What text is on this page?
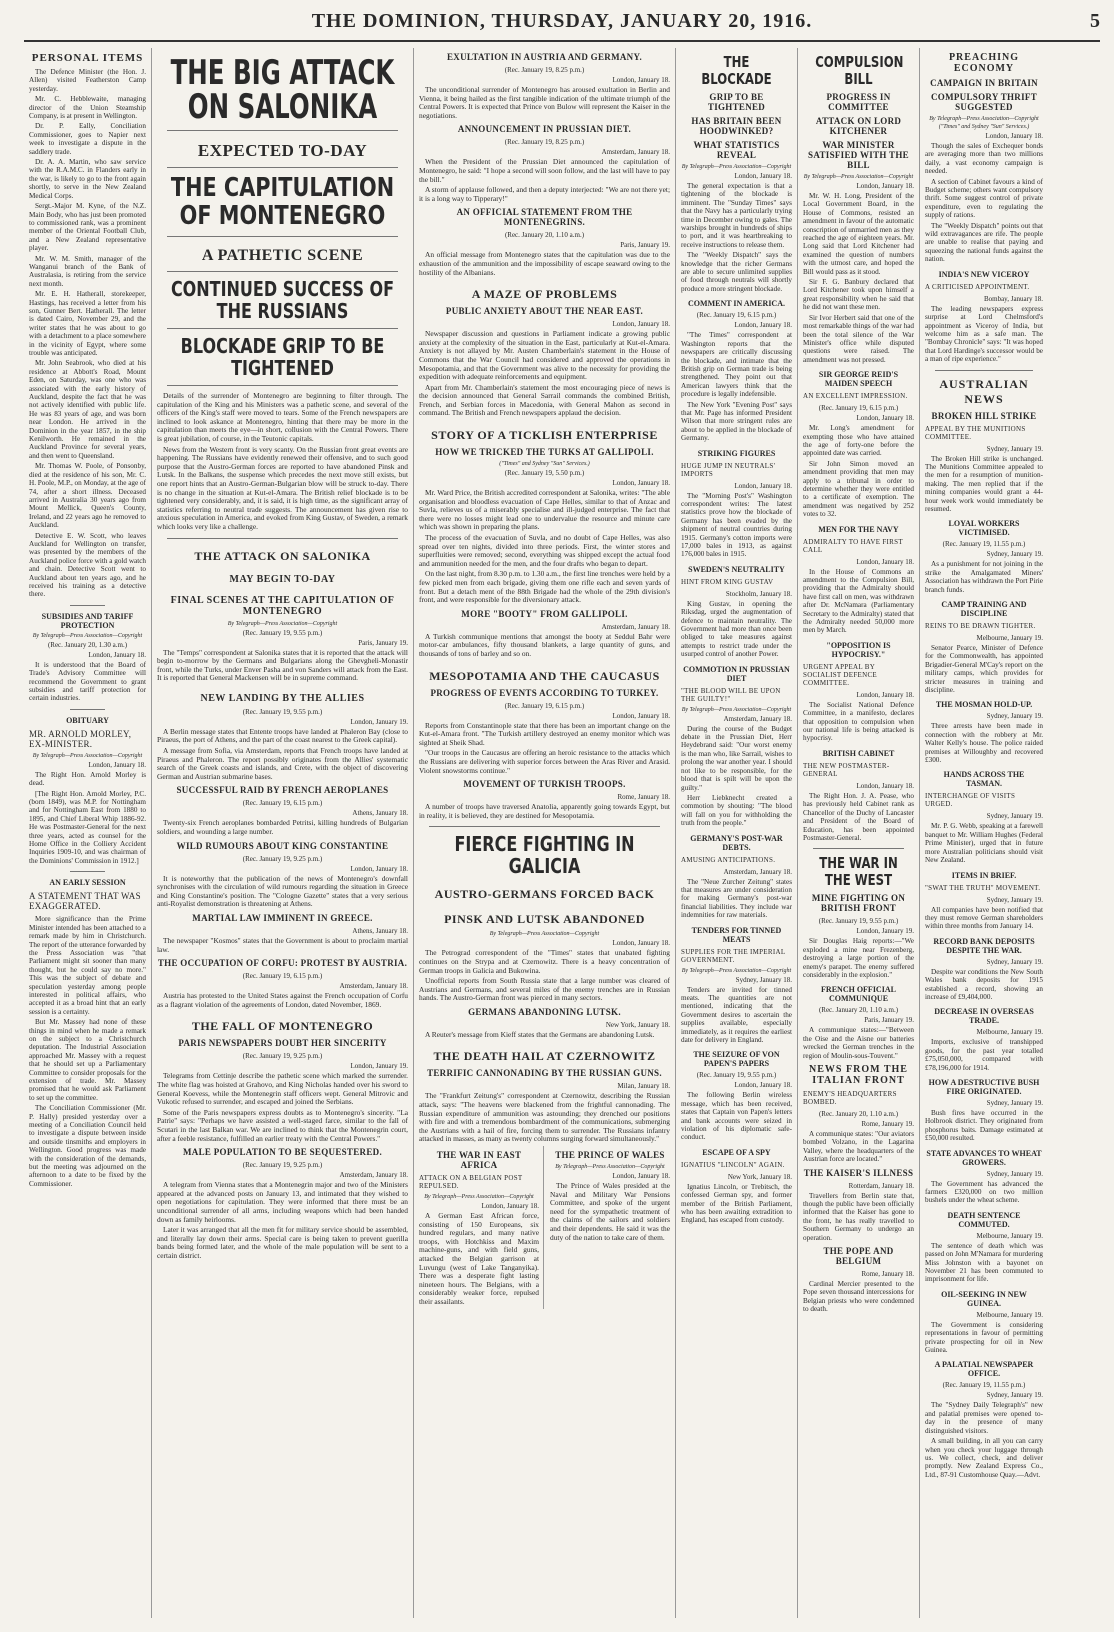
THE DOMINION, THURSDAY, JANUARY 20, 1916.	5
PERSONAL ITEMS

The Defence Minister (the Hon. J. Allen) visited Featherston Camp yesterday.

Mr. C. Hebblewaite, managing director of the Union Steamship Company, is at present in Wellington.

Dr. P. Eally, Conciliation Commissioner, goes to Napier next week to investigate a dispute in the saddlery trade.

Dr. A. A. Martin, who saw service with the R.A.M.C. in Flanders early in the war, is likely to go to the front again shortly, to serve in the New Zealand Medical Corps.

Sergt.-Major M. Kyne, of the N.Z. Main Body, who has just been promoted to commissioned rank, was a prominent member of the Oriental Football Club, and a New Zealand representative player.

Mr. W. M. Smith, manager of the Wanganui branch of the Bank of Australasia, is retiring from the service next month.

Mr. E. H. Hatherall, storekeeper, Hastings, has received a letter from his son, Gunner Bert. Hatherall. The letter is dated Cairo, November 29, and the writer states that he was about to go with a detachment to a place somewhere in the vicinity of Egypt, where some trouble was anticipated.

Mr. John Seabrook, who died at his residence at Abbott's Road, Mount Eden, on Saturday, was one who was associated with the early history of Auckland, despite the fact that he was not actively identified with public life. He was 83 years of age, and was born near London. He arrived in the Dominion in the year 1857, in the ship Kenilworth. He remained in the Auckland Province for several years, and then went to Queensland.

Mr. Thomas W. Poole, of Ponsonby, died at the residence of his son, Mr. C. H. Poole, M.P., on Monday, at the age of 74, after a short illness. Deceased arrived in Australia 30 years ago from Mount Mellick, Queen's County, Ireland, and 22 years ago he removed to Auckland.

Detective E. W. Scott, who leaves Auckland for Wellington on transfer, was presented by the members of the Auckland police force with a gold watch and chain. Detective Scott went to Auckland about ten years ago, and he received his training as a detective there.

SUBSIDIES AND TARIFF PROTECTION
By Telegraph—Press Association—Copyright
(Rec. January 20, 1.30 a.m.)
London, January 18.

It is understood that the Board of Trade's Advisory Committee will recommend the Government to grant subsidies and tariff protection for certain industries.

OBITUARY
MR. ARNOLD MORLEY, EX-MINISTER.
By Telegraph—Press Association—Copyright
London, January 18.

The Right Hon. Arnold Morley is dead.

[The Right Hon. Arnold Morley, P.C. (born 1849), was M.P. for Nottingham and for Nottingham East from 1880 to 1895, and Chief Liberal Whip 1886-92. He was Postmaster-General for the next three years, acted as counsel for the Home Office in the Colliery Accident Inquiries 1909-10, and was chairman of the Dominions' Commission in 1912.]

AN EARLY SESSION
A STATEMENT THAT WAS EXAGGERATED.

More significance than the Prime Minister intended has been attached to a remark made by him in Christchurch. The report of the utterance forwarded by the Press Association was "that Parliament might sit sooner than many thought, but he could say no more." This was the subject of debate and speculation yesterday among people interested in political affairs, who accepted it as a broad hint that an early session is a certainty.

But Mr. Massey had none of these things in mind when he made a remark on the subject to a Christchurch deputation. The Industrial Association approached Mr. Massey with a request that he should set up a Parliamentary Committee to consider proposals for the extension of trade. Mr. Massey promised that he would ask Parliament to set up the committee.

The Conciliation Commissioner (Mr. P. Hally) presided yesterday over a meeting of a Conciliation Council held to investigate a dispute between inside and outside tinsmiths and employers in Wellington. Good progress was made with the consideration of the demands, but the meeting was adjourned on the afternoon to a date to be fixed by the Commissioner.

THE BIG ATTACK ON SALONIKA
EXPECTED TO-DAY
THE CAPITULATION OF MONTENEGRO
A PATHETIC SCENE
CONTINUED SUCCESS OF THE RUSSIANS
BLOCKADE GRIP TO BE TIGHTENED

Details of the surrender of Montenegro are beginning to filter through. The capitulation of the King and his Ministers was a pathetic scene, and several of the officers of the King's staff were moved to tears. Some of the French newspapers are inclined to look askance at Montenegro, hinting that there may be more in the capitulation than meets the eye—in short, collusion with the Central Powers. There is great jubilation, of course, in the Teutonic capitals.

News from the Western front is very scanty. On the Russian front great events are happening. The Russians have evidently renewed their offensive, and to such good purpose that the Austro-German forces are reported to have abandoned Pinsk and Lutsk. In the Balkans, the suspense which precedes the next move still exists, but one report hints that an Austro-German-Bulgarian blow will be struck to-day. There is no change in the situation at Kut-el-Amara. The British relief blockade is to be tightened very considerably, and, it is said, it is high time, as the significant array of statistics referring to neutral trade suggests. The announcement has given rise to anxious speculation in America, and evoked from King Gustav, of Sweden, a remark which looks very like a challenge.

THE ATTACK ON SALONIKA
MAY BEGIN TO-DAY
FINAL SCENES AT THE CAPITULATION OF MONTENEGRO
By Telegraph—Press Association—Copyright
(Rec. January 19, 9.55 p.m.)
Paris, January 19.

The "Temps" correspondent at Salonika states that it is reported that the attack will begin to-morrow by the Germans and Bulgarians along the Ghevgheli-Monastir front, while the Turks, under Enver Pasha and von Sanders will attack from the East. It is reported that General Mackensen will be in supreme command.

NEW LANDING BY THE ALLIES
(Rec. January 19, 9.55 p.m.)
London, January 19.

A Berlin message states that Entente troops have landed at Phaleron Bay (close to Piraeus, the port of Athens, and the part of the coast nearest to the Greek capital).

A message from Sofia, via Amsterdam, reports that French troops have landed at Piraeus and Phaleron. The report possibly originates from the Allies' systematic search of the Greek coasts and islands, and Crete, with the object of discovering German and Austrian submarine bases.

SUCCESSFUL RAID BY FRENCH AEROPLANES
(Rec. January 19, 6.15 p.m.)
Athens, January 18.

Twenty-six French aeroplanes bombarded Petritsi, killing hundreds of Bulgarian soldiers, and wounding a large number.

WILD RUMOURS ABOUT KING CONSTANTINE
(Rec. January 19, 9.25 p.m.)
London, January 18.

It is noteworthy that the publication of the news of Montenegro's downfall synchronises with the circulation of wild rumours regarding the situation in Greece and King Constantine's position. The "Cologne Gazette" states that a very serious anti-Royalist demonstration is threatening at Athens.

MARTIAL LAW IMMINENT IN GREECE.
Athens, January 18.

The newspaper "Kosmos" states that the Government is about to proclaim martial law.

THE OCCUPATION OF CORFU: PROTEST BY AUSTRIA.
(Rec. January 19, 6.15 p.m.)
Amsterdam, January 18.

Austria has protested to the United States against the French occupation of Corfu as a flagrant violation of the agreements of London, dated November, 1869.

THE FALL OF MONTENEGRO
PARIS NEWSPAPERS DOUBT HER SINCERITY
(Rec. January 19, 9.25 p.m.)
London, January 19.

Telegrams from Cettinje describe the pathetic scene which marked the surrender. The white flag was hoisted at Grahovo, and King Nicholas handed over his sword to General Koevess, while the Montenegrin staff officers wept. General Mitrovic and Vukotic refused to surrender, and escaped and joined the Serbians.

Some of the Paris newspapers express doubts as to Montenegro's sincerity. "La Patrie" says: "Perhaps we have assisted a well-staged farce, similar to the fall of Scutari in the last Balkan war. We are inclined to think that the Montenegrin court, after a feeble resistance, fulfilled an earlier treaty with the Central Powers."

MALE POPULATION TO BE SEQUESTERED.
(Rec. January 19, 9.25 p.m.)
Amsterdam, January 18.

A telegram from Vienna states that a Montenegrin major and two of the Ministers appeared at the advanced posts on January 13, and intimated that they wished to open negotiations for capitulation. They were informed that there must be an unconditional surrender of all arms, including weapons which had been handed down as family heirlooms.

Later it was arranged that all the men fit for military service should be assembled, and literally lay down their arms. Special care is being taken to prevent guerilla bands being formed later, and the whole of the male population will be sent to a certain district.

EXULTATION IN AUSTRIA AND GERMANY.
(Rec. January 19, 8.25 p.m.)
London, January 18.

The unconditional surrender of Montenegro has aroused exultation in Berlin and Vienna, it being hailed as the first tangible indication of the ultimate triumph of the Central Powers. It is expected that Prince von Bulow will represent the Kaiser in the negotiations.

ANNOUNCEMENT IN PRUSSIAN DIET.
(Rec. January 19, 8.25 p.m.)
Amsterdam, January 18.

When the President of the Prussian Diet announced the capitulation of Montenegro, he said: "I hope a second will soon follow, and the last will have to pay the bill."

A storm of applause followed, and then a deputy interjected: "We are not there yet; it is a long way to Tipperary!"

AN OFFICIAL STATEMENT FROM THE MONTENEGRINS.
(Rec. January 20, 1.10 a.m.)
Paris, January 19.

An official message from Montenegro states that the capitulation was due to the exhaustion of the ammunition and the impossibility of escape seaward owing to the hostility of the Albanians.

A MAZE OF PROBLEMS
PUBLIC ANXIETY ABOUT THE NEAR EAST.
London, January 18.

Newspaper discussion and questions in Parliament indicate a growing public anxiety at the complexity of the situation in the East, particularly at Kut-el-Amara. Anxiety is not allayed by Mr. Austen Chamberlain's statement in the House of Commons that the War Council had considered and approved the operations in Mesopotamia, and that the Government was alive to the necessity for providing the expedition with adequate reinforcements and equipment.

Apart from Mr. Chamberlain's statement the most encouraging piece of news is the decision announced that General Sarrail commands the combined British, French, and Serbian forces in Macedonia, with General Mahon as second in command. The British and French newspapers applaud the decision.

STORY OF A TICKLISH ENTERPRISE
HOW WE TRICKED THE TURKS AT GALLIPOLI.
("Times" and Sydney "Sun" Services.)
(Rec. January 19, 5.50 p.m.)
London, January 18.

Mr. Ward Price, the British accredited correspondent at Salonika, writes: "The able organisation and bloodless evacuation of Cape Helles, similar to that of Anzac and Suvla, relieves us of a miserably specialise and ill-judged enterprise. The fact that there were no losses might lead one to undervalue the resource and minute care which was shown in preparing the plans.

The process of the evacuation of Suvla, and no doubt of Cape Helles, was also spread over ten nights, divided into three periods. First, the winter stores and superfluities were removed; second, everything was shipped except the actual food and ammunition needed for the men, and the four drafts who began to depart.

On the last night, from 8.30 p.m. to 1.30 a.m., the first line trenches were held by a few picked men from each brigade, giving them one rifle each and seven yards of front. But a detach ment of the 88th Brigade had the whole of the 29th division's front, and were responsible for the diversionary attack.

MORE "BOOTY" FROM GALLIPOLI.
Amsterdam, January 18.

A Turkish communique mentions that amongst the booty at Seddul Bahr were motor-car ambulances, fifty thousand blankets, a large quantity of guns, and thousands of tons of barley and so on.

MESOPOTAMIA AND THE CAUCASUS
PROGRESS OF EVENTS ACCORDING TO TURKEY.
(Rec. January 19, 6.15 p.m.)
London, January 18.

Reports from Constantinople state that there has been an important change on the Kut-el-Amara front. "The Turkish artillery destroyed an enemy monitor which was sighted at Sheik Shad.

"Our troops in the Caucasus are offering an heroic resistance to the attacks which the Russians are delivering with superior forces between the Aras River and Arasid. Violent snowstorms continue."

MOVEMENT OF TURKISH TROOPS.
Rome, January 18.

A number of troops have traversed Anatolia, apparently going towards Egypt, but in reality, it is believed, they are destined for Mesopotamia.

FIERCE FIGHTING IN GALICIA
AUSTRO-GERMANS FORCED BACK
PINSK AND LUTSK ABANDONED
By Telegraph—Press Association—Copyright
London, January 18.

The Petrograd correspondent of the "Times" states that unabated fighting continues on the Strypa and at Czernowitz. There is a heavy concentration of German troops in Galicia and Bukowina.

Unofficial reports from South Russia state that a large number was cleared of Austrians and Germans, and several miles of the enemy trenches are in Russian hands. The Austro-German front was pierced in many sectors.

GERMANS ABANDONING LUTSK.
New York, January 18.

A Reuter's message from Kieff states that the Germans are abandoning Lutsk.

THE DEATH HAIL AT CZERNOWITZ
TERRIFIC CANNONADING BY THE RUSSIAN GUNS.
Milan, January 18.

The "Frankfurt Zeitung's" correspondent at Czernowitz, describing the Russian attack, says: "The heavens were blackened from the frightful cannonading. The Russian expenditure of ammunition was astounding; they drenched our positions with fire and with a tremendous bombardment of the communications, submerging the Austrians with a hail of fire, forcing them to surrender. The Russians infantry attacked in masses, as many as twenty columns surging forward simultaneously."

THE WAR IN EAST AFRICA
ATTACK ON A BELGIAN POST REPULSED.
By Telegraph—Press Association—Copyright
London, January 18.

A German East African force, consisting of 150 Europeans, six hundred regulars, and many native troops, with Hotchkiss and Maxim machine-guns, and with field guns, attacked the Belgian garrison at Luvungu (west of Lake Tanganyika). There was a desperate fight lasting nineteen hours. The Belgians, with a considerably weaker force, repulsed their assailants.

THE PRINCE OF WALES
By Telegraph—Press Association—Copyright
London, January 18.

The Prince of Wales presided at the Naval and Military War Pensions Committee, and spoke of the urgent need for the sympathetic treatment of the claims of the sailors and soldiers and their dependents. He said it was the duty of the nation to take care of them.

THE BLOCKADE
GRIP TO BE TIGHTENED
HAS BRITAIN BEEN HOODWINKED?
WHAT STATISTICS REVEAL
By Telegraph—Press Association—Copyright
London, January 18.

The general expectation is that a tightening of the blockade is imminent. The "Sunday Times" says that the Navy has a particularly trying time in December owing to gales. The warships brought in hundreds of ships to port, and it was heartbreaking to receive instructions to release them.

The "Weekly Dispatch" says the knowledge that the richer Germans are able to secure unlimited supplies of food through neutrals will shortly produce a more stringent blockade.

COMMENT IN AMERICA.
(Rec. January 19, 6.15 p.m.)
London, January 18.

"The Times" correspondent at Washington reports that the newspapers are critically discussing the blockade, and intimate that the British grip on German trade is being strengthened. They point out that American lawyers think that the procedure is legally indefensible.

The New York "Evening Post" says that Mr. Page has informed President Wilson that more stringent rules are about to be applied in the blockade of Germany.

STRIKING FIGURES
HUGE JUMP IN NEUTRALS' IMPORTS
London, January 18.

The "Morning Post's" Washington correspondent writes: The latest statistics prove how the blockade of Germany has been evaded by the shipment of neutral countries during 1915. Germany's cotton imports were 17,000 bales in 1913, as against 176,000 bales in 1915.

SWEDEN'S NEUTRALITY
HINT FROM KING GUSTAV
Stockholm, January 18.

King Gustav, in opening the Riksdag, urged the augmentation of defence to maintain neutrality. The Government had more than once been obliged to take measures against attempts to restrict trade under the usurped control of another Power.

COMMOTION IN PRUSSIAN DIET
"THE BLOOD WILL BE UPON THE GUILTY!"
By Telegraph—Press Association—Copyright
Amsterdam, January 18.

During the course of the Budget debate in the Prussian Diet, Herr Heydebrand said: "Our worst enemy is the man who, like Sarrail, wishes to prolong the war another year. I should not like to be responsible, for the blood that is spilt will be upon the guilty."

Herr Liebknecht created a commotion by shouting: "The blood will fall on you for withholding the truth from the people."

GERMANY'S POST-WAR DEBTS.
AMUSING ANTICIPATIONS.
Amsterdam, January 18.

The "Neue Zurcher Zeitung" states that measures are under consideration for making Germany's post-war financial liabilities. They include war indemnities for raw materials.

TENDERS FOR TINNED MEATS
SUPPLIES FOR THE IMPERIAL GOVERNMENT.
By Telegraph—Press Association—Copyright
Sydney, January 18.

Tenders are invited for tinned meats. The quantities are not mentioned, indicating that the Government desires to ascertain the supplies available, especially immediately, as it requires the earliest date for delivery in England.

THE SEIZURE OF VON PAPEN'S PAPERS
(Rec. January 19, 9.55 p.m.)
London, January 18.

The following Berlin wireless message, which has been received, states that Captain von Papen's letters and bank accounts were seized in violation of his diplomatic safe-conduct.

ESCAPE OF A SPY
IGNATIUS "LINCOLN" AGAIN.
New York, January 18.

Ignatius Lincoln, or Trebitsch, the confessed German spy, and former member of the British Parliament, who has been awaiting extradition to England, has escaped from custody.

COMPULSION BILL
PROGRESS IN COMMITTEE
ATTACK ON LORD KITCHENER
WAR MINISTER SATISFIED WITH THE BILL
By Telegraph—Press Association—Copyright
London, January 18.

Mr. W. H. Long, President of the Local Government Board, in the House of Commons, resisted an amendment in favour of the automatic conscription of unmarried men as they reached the age of eighteen years. Mr. Long said that Lord Kitchener had examined the question of numbers with the utmost care, and hoped the Bill would pass as it stood.

Sir F. G. Banbury declared that Lord Kitchener took upon himself a great responsibility when he said that he did not want these men.

Sir Ivor Herbert said that one of the most remarkable things of the war had been the total silence of the War Minister's office while disputed questions were raised. The amendment was not pressed.

SIR GEORGE REID'S MAIDEN SPEECH
AN EXCELLENT IMPRESSION.
(Rec. January 19, 6.15 p.m.)
London, January 18.

Mr. Long's amendment for exempting those who have attained the age of forty-one before the appointed date was carried.

Sir John Simon moved an amendment providing that men may apply to a tribunal in order to determine whether they were entitled to a certificate of exemption. The amendment was negatived by 252 votes to 32.

MEN FOR THE NAVY
ADMIRALTY TO HAVE FIRST CALL
London, January 18.

In the House of Commons an amendment to the Compulsion Bill, providing that the Admiralty should have first call on men, was withdrawn after Dr. McNamara (Parliamentary Secretary to the Admiralty) stated that the Admiralty needed 50,000 more men by March.

"OPPOSITION IS HYPOCRISY."
URGENT APPEAL BY SOCIALIST DEFENCE COMMITTEE.
London, January 18.

The Socialist National Defence Committee, in a manifesto, declares that opposition to compulsion when our national life is being attacked is hypocrisy.

BRITISH CABINET
THE NEW POSTMASTER-GENERAL
London, January 18.

The Right Hon. J. A. Pease, who has previously held Cabinet rank as Chancellor of the Duchy of Lancaster and President of the Board of Education, has been appointed Postmaster-General.

THE WAR IN THE WEST
MINE FIGHTING ON BRITISH FRONT
(Rec. January 19, 9.55 p.m.)
London, January 19.

Sir Douglas Haig reports:—"We exploded a mine near Frezenberg, destroying a large portion of the enemy's parapet. The enemy suffered considerably in the explosion."

FRENCH OFFICIAL COMMUNIQUE
(Rec. January 20, 1.10 a.m.)
Paris, January 19.

A communique states:—"Between the Oise and the Aisne our batteries wrecked the German trenches in the region of Moulin-sous-Touvent."

NEWS FROM THE ITALIAN FRONT
ENEMY'S HEADQUARTERS BOMBED.
(Rec. January 20, 1.10 a.m.)
Rome, January 19.

A communique states: "Our aviators bombed Volzano, in the Lagarina Valley, where the headquarters of the Austrian force are located."

THE KAISER'S ILLNESS
Rotterdam, January 18.

Travellers from Berlin state that, though the public have been officially informed that the Kaiser has gone to the front, he has really travelled to Southern Germany to undergo an operation.

THE POPE AND BELGIUM
Rome, January 18.

Cardinal Mercier presented to the Pope seven thousand intercessions for Belgian priests who were condemned to death.

PREACHING ECONOMY
CAMPAIGN IN BRITAIN
COMPULSORY THRIFT SUGGESTED
By Telegraph—Press Association—Copyright
("Times" and Sydney "Sun" Services.)
London, January 18.

Though the sales of Exchequer bonds are averaging more than two millions daily, a vast economy campaign is needed.

A section of Cabinet favours a kind of Budget scheme; others want compulsory thrift. Some suggest control of private expenditure, even to regulating the supply of rations.

The "Weekly Dispatch" points out that wild extravagances are rife. The people are unable to realise that paying and squeezing the national funds against the nation.

INDIA'S NEW VICEROY
A CRITICISED APPOINTMENT.
Bombay, January 18.

The leading newspapers express surprise at Lord Chelmsford's appointment as Viceroy of India, but welcome him as a safe man. The "Bombay Chronicle" says: "It was hoped that Lord Hardinge's successor would be a man of ripe experience."

AUSTRALIAN NEWS
BROKEN HILL STRIKE
APPEAL BY THE MUNITIONS COMMITTEE.
Sydney, January 19.

The Broken Hill strike is unchanged. The Munitions Committee appealed to the men for a resumption of munition-making. The men replied that if the mining companies would grant a 44-hour week work would immediately be resumed.

LOYAL WORKERS VICTIMISED.
(Rec. January 19, 11.55 p.m.)
Sydney, January 19.

As a punishment for not joining in the strike the Amalgamated Miners' Association has withdrawn the Port Pirie branch funds.

CAMP TRAINING AND DISCIPLINE
REINS TO BE DRAWN TIGHTER.
Melbourne, January 19.

Senator Pearce, Minister of Defence for the Commonwealth, has appointed Brigadier-General M'Cay's report on the military camps, which provides for stricter measures in training and discipline.

THE MOSMAN HOLD-UP.
Sydney, January 19.

Three arrests have been made in connection with the robbery at Mr. Walter Kelly's house. The police raided premises at Willoughby and recovered £300.

HANDS ACROSS THE TASMAN.
INTERCHANGE OF VISITS URGED.
Sydney, January 19.

Mr. P. G. Webb, speaking at a farewell banquet to Mr. William Hughes (Federal Prime Minister), urged that in future more Australian politicians should visit New Zealand.

ITEMS IN BRIEF.
"SWAT THE TRUTH" MOVEMENT.
Sydney, January 19.

All companies have been notified that they must remove German shareholders within three months from January 14.

RECORD BANK DEPOSITS DESPITE THE WAR.
Sydney, January 19.

Despite war conditions the New South Wales bank deposits for 1915 established a record, showing an increase of £9,404,000.

DECREASE IN OVERSEAS TRADE.
Melbourne, January 19.

Imports, exclusive of transhipped goods, for the past year totalled £75,050,000, compared with £78,196,000 for 1914.

HOW A DESTRUCTIVE BUSH FIRE ORIGINATED.
Sydney, January 19.

Bush fires have occurred in the Holbrook district. They originated from phosphorus baits. Damage estimated at £50,000 resulted.

STATE ADVANCES TO WHEAT GROWERS.
Sydney, January 19.

The Government has advanced the farmers £320,000 on two million bushels under the wheat scheme.

DEATH SENTENCE COMMUTED.
Melbourne, January 19.

The sentence of death which was passed on John M'Namara for murdering Miss Johnston with a bayonet on November 21 has been commuted to imprisonment for life.

OIL-SEEKING IN NEW GUINEA.
Melbourne, January 19.

The Government is considering representations in favour of permitting private prospecting for oil in New Guinea.

A PALATIAL NEWSPAPER OFFICE.
(Rec. January 19, 11.55 p.m.)
Sydney, January 19.

The "Sydney Daily Telegraph's" new and palatial premises were opened to-day in the presence of many distinguished visitors.

A small building, in all you can carry when you check your luggage through us. We collect, check, and deliver promptly. New Zealand Express Co., Ltd., 87-91 Customhouse Quay.—Advt.
